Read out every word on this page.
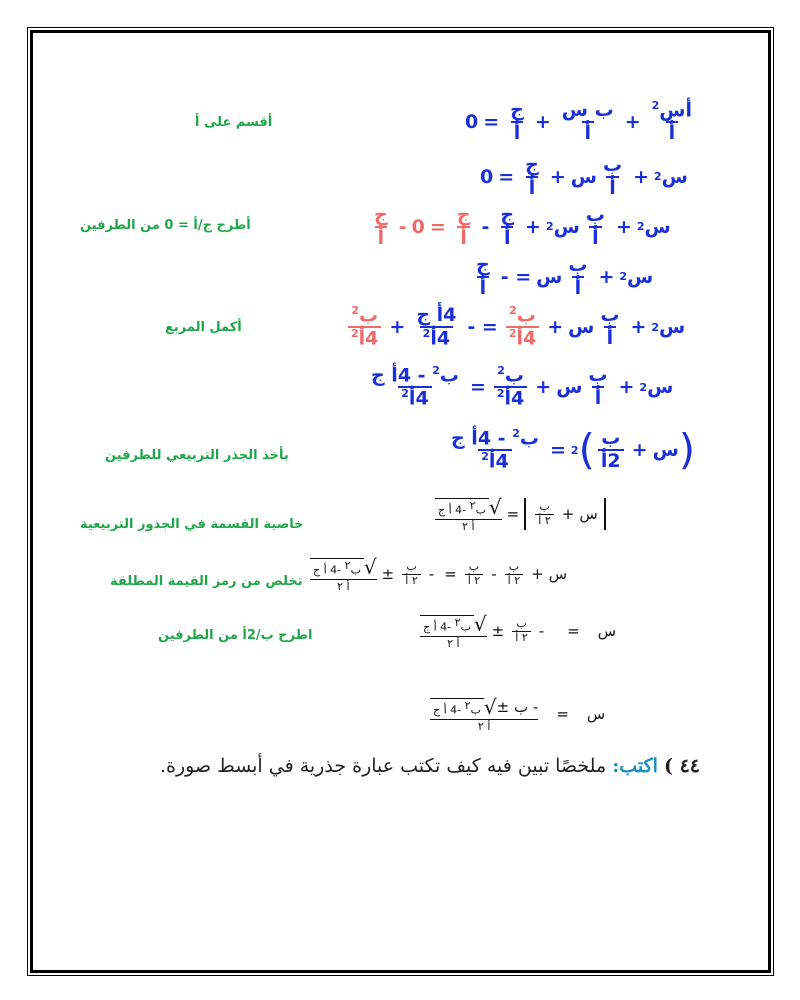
$\frac{أس^2}{\text{أ}}$
+
$\frac{\text{ب س}}{\text{أ}}$
+
$\frac{\text{ج}}{\text{أ}}$
=
0
أقسم على أ
س
2
+
$\frac{\text{ب}}{\text{أ}}$
س
+
$\frac{\text{ج}}{\text{أ}}$
=
0
س
2
+
$\frac{\text{ب}}{\text{أ}}$
س
2
+
$\frac{\text{ج}}{\text{أ}}$
-
$\frac{\text{ج}}{\text{أ}}$
=
0
-
$\frac{\text{ج}}{\text{أ}}$
أطرح ج/أ = 0 من الطرفين
س
2
+
$\frac{\text{ب}}{\text{أ}}$
س
= -
$\frac{\text{ج}}{\text{أ}}$
س
2
+
$\frac{\text{ب}}{\text{أ}}$
س
+
$\frac{ب^2}{4أ^2}$
= -
$\frac{\text{4أ ج}}{4أ^2}$
+
$\frac{ب^2}{4أ^2}$
أكمل المربع
س
2
+
$\frac{\text{ب}}{\text{أ}}$
س
+
$\frac{ب^2}{4أ^2}$
=
$\frac{ب^2 - 4أ ج}{4أ^2}$
(
س
+
$\frac{\text{ب}}{\text{2أ}}$
)
2
=
$\frac{ب^2 - 4أ ج}{4أ^2}$
بأخذ الجذر التربيعي للطرفين
س
+
$\frac{\text{ب}}{\text{٢ أ}}$
=
√
ب$^٢$ -4 أ ج
أ ٢
خاصية القسمة في الجذور التربيعية
س
+
$\frac{\text{ب}}{\text{٢ أ}}$
-
$\frac{\text{ب}}{\text{٢ أ}}$
=
-
$\frac{\text{ب}}{\text{٢ أ}}$
±
√
ب$^٢$ -4 أ ج
أ ٢
تخلص من رمز القيمة المطلقة
س
=
-
$\frac{\text{ب}}{\text{٢ أ}}$
±
√
ب$^٢$ -4 أ ج
أ ٢
اطرح ب/2أ من الطرفين
س
=
- ب ±
√
ب$^٢$ -4 أ ج
أ ٢
٤٤ ) اكتب: ملخصًا تبين فيه كيف تكتب عبارة جذرية في أبسط صورة.
